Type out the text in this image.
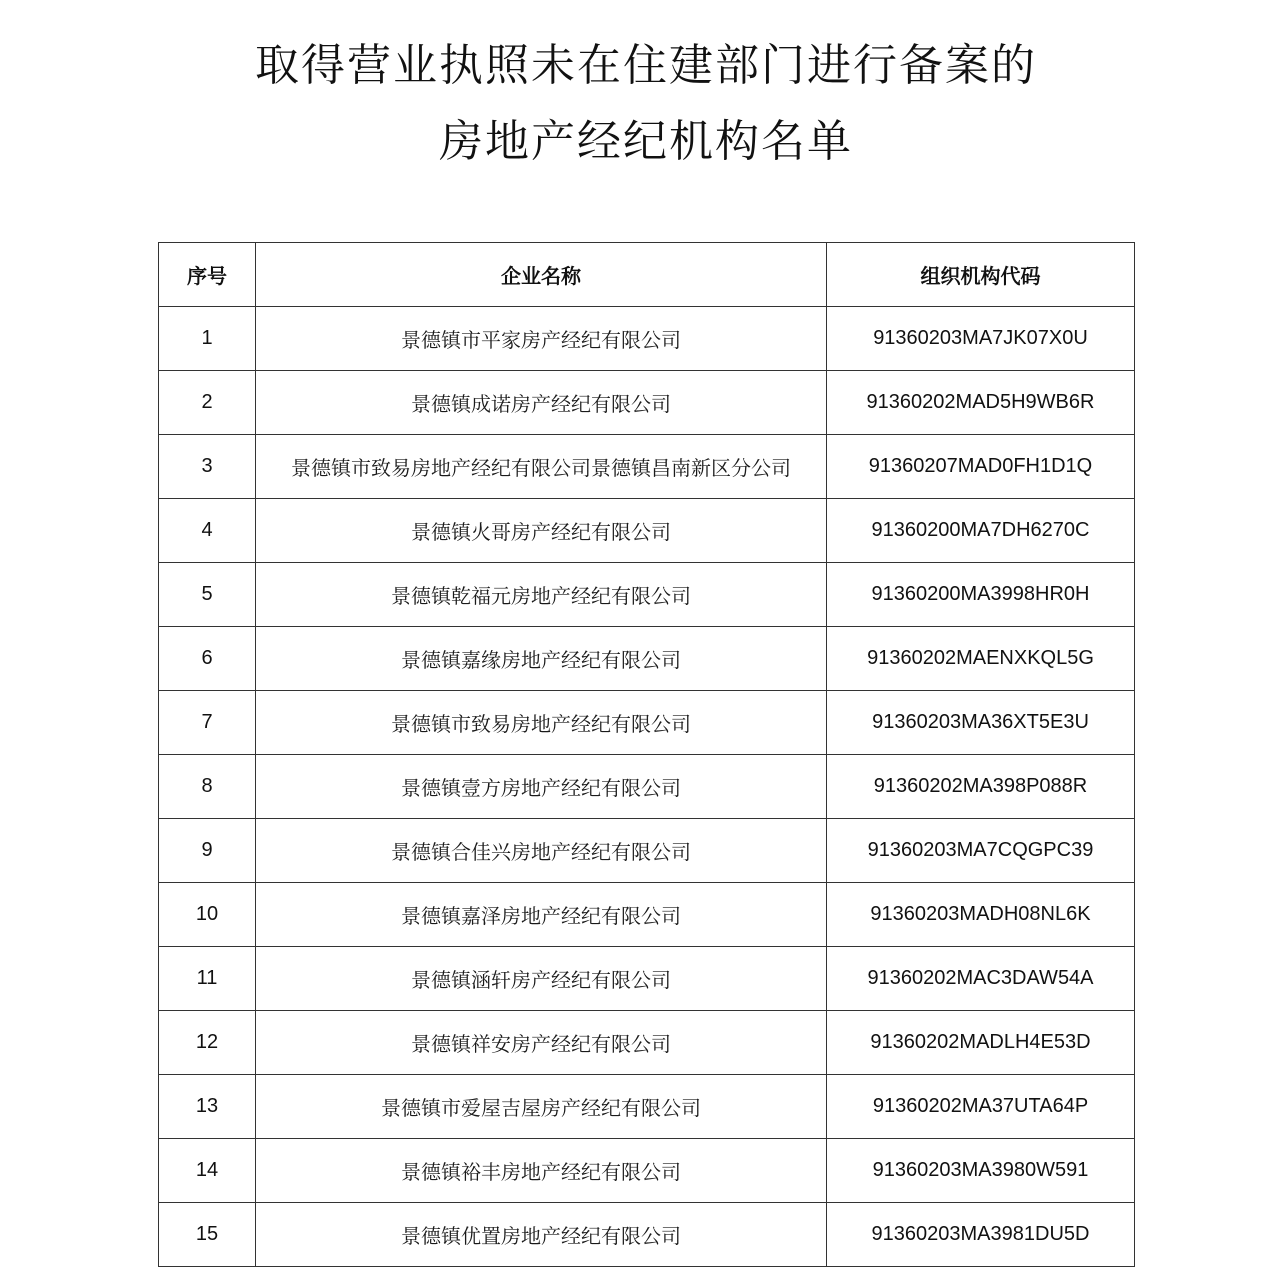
取得营业执照未在住建部门进行备案的
房地产经纪机构名单
序号	企业名称	组织机构代码
1	景德镇市平家房产经纪有限公司	91360203MA7JK07X0U
2	景德镇成诺房产经纪有限公司	91360202MAD5H9WB6R
3	景德镇市致易房地产经纪有限公司景德镇昌南新区分公司	91360207MAD0FH1D1Q
4	景德镇火哥房产经纪有限公司	91360200MA7DH6270C
5	景德镇乾福元房地产经纪有限公司	91360200MA3998HR0H
6	景德镇嘉缘房地产经纪有限公司	91360202MAENXKQL5G
7	景德镇市致易房地产经纪有限公司	91360203MA36XT5E3U
8	景德镇壹方房地产经纪有限公司	91360202MA398P088R
9	景德镇合佳兴房地产经纪有限公司	91360203MA7CQGPC39
10	景德镇嘉泽房地产经纪有限公司	91360203MADH08NL6K
11	景德镇涵轩房产经纪有限公司	91360202MAC3DAW54A
12	景德镇祥安房产经纪有限公司	91360202MADLH4E53D
13	景德镇市爱屋吉屋房产经纪有限公司	91360202MA37UTA64P
14	景德镇裕丰房地产经纪有限公司	91360203MA3980W591
15	景德镇优置房地产经纪有限公司	91360203MA3981DU5D
